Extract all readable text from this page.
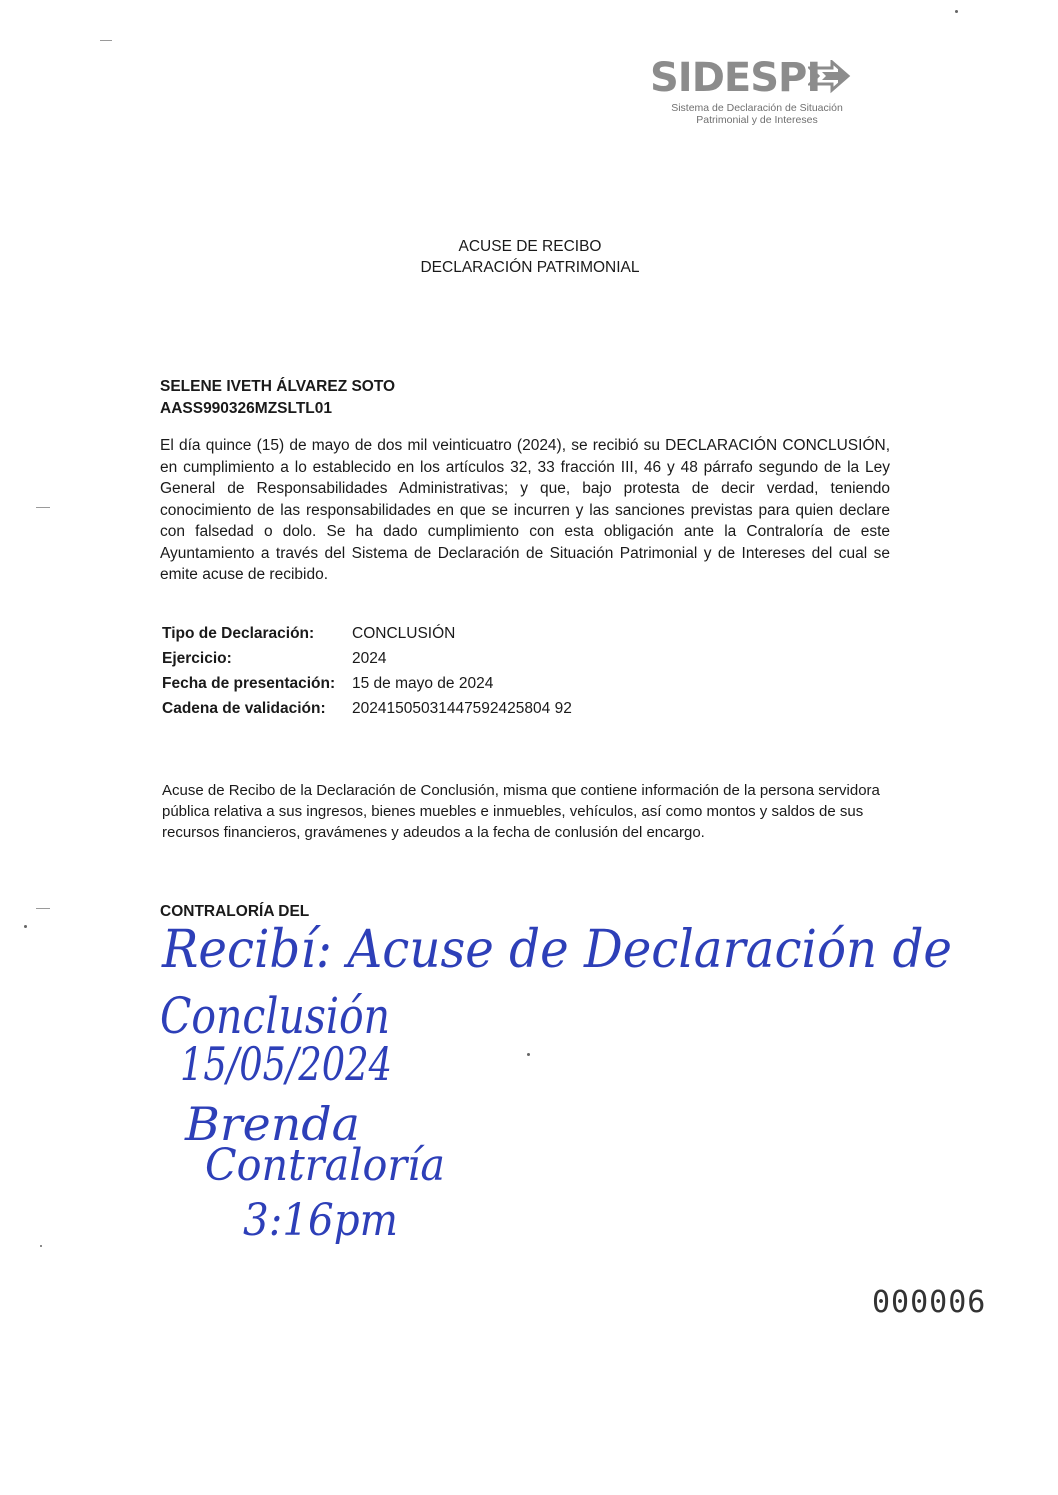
SIDESPI
Sistema de Declaración de Situación
Patrimonial y de Intereses
ACUSE DE RECIBO
DECLARACIÓN PATRIMONIAL
SELENE IVETH ÁLVAREZ SOTO
AASS990326MZSLTL01
El día quince (15) de mayo de dos mil veinticuatro (2024), se recibió su DECLARACIÓN CONCLUSIÓN, en cumplimiento a lo establecido en los artículos 32, 33 fracción III, 46 y 48 párrafo segundo de la Ley General de Responsabilidades Administrativas; y que, bajo protesta de decir verdad, teniendo conocimiento de las responsabilidades en que se incurren y las sanciones previstas para quien declare con falsedad o dolo. Se ha dado cumplimiento con esta obligación ante la Contraloría de este Ayuntamiento a través del Sistema de Declaración de Situación Patrimonial y de Intereses del cual se emite acuse de recibido.
Tipo de Declaración:	CONCLUSIÓN
Ejercicio:	2024
Fecha de presentación:	15 de mayo de 2024
Cadena de validación:	20241505031447592425804 92
Acuse de Recibo de la Declaración de Conclusión, misma que contiene información de la persona servidora pública relativa a sus ingresos, bienes muebles e inmuebles, vehículos, así como montos y saldos de sus recursos financieros, gravámenes y adeudos a la fecha de conlusión del encargo.
CONTRALORÍA DEL
Recibí: Acuse de Declaración de
Conclusión
15/05/2024
Brenda
Contraloría
3:16pm
000006
